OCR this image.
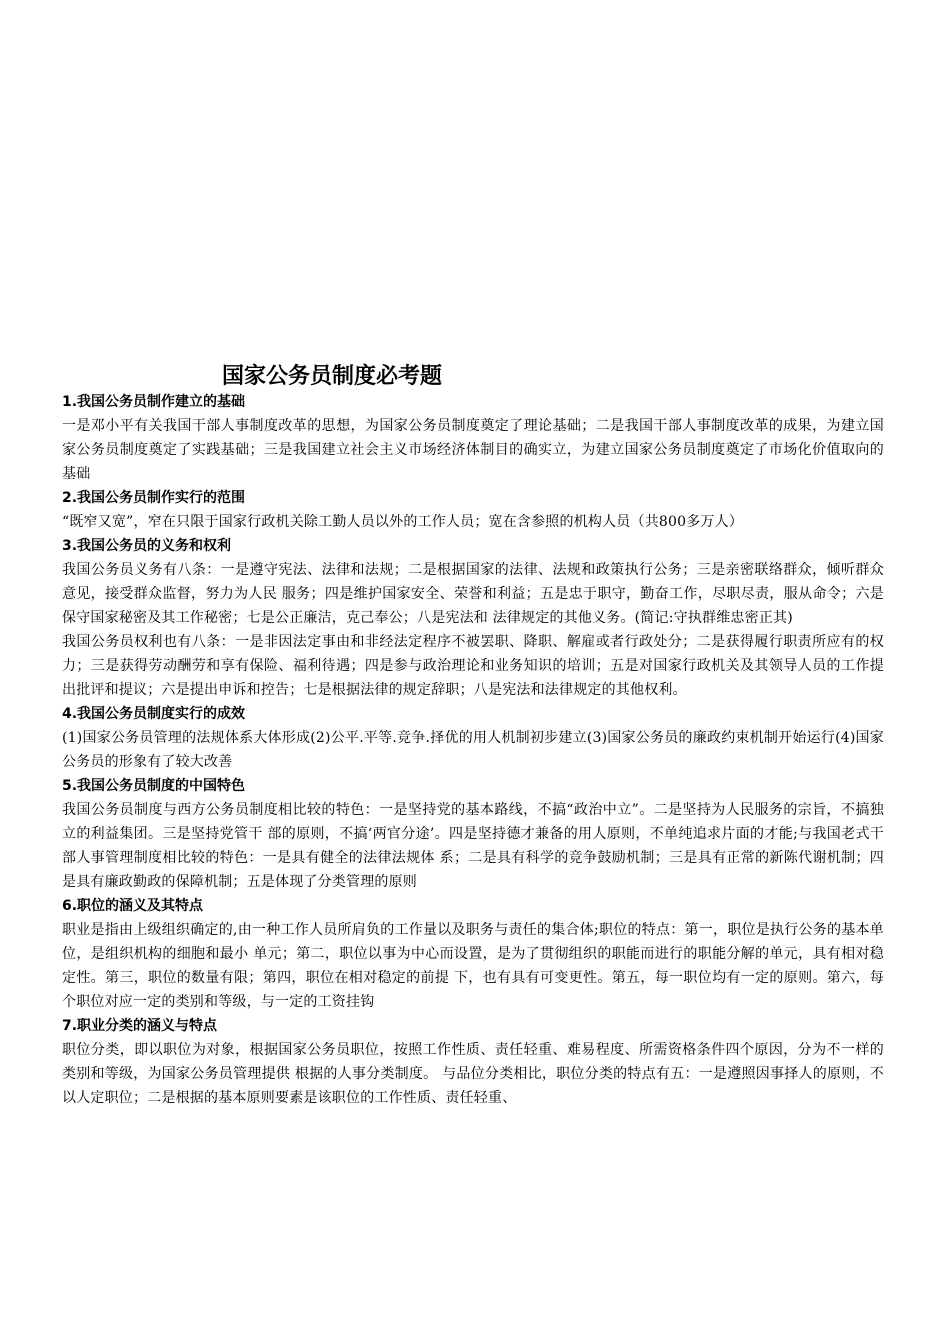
国家公务员制度必考题
1.我国公务员制作建立的基础

一是邓小平有关我国干部人事制度改革的思想，为国家公务员制度奠定了理论基础；二是我国干部人事制度改革的成果，为建立国家公务员制度奠定了实践基础；三是我国建立社会主义市场经济体制目的确实立，为建立国家公务员制度奠定了市场化价值取向的基础

2.我国公务员制作实行的范围

“既窄又宽”，窄在只限于国家行政机关除工勤人员以外的工作人员；宽在含参照的机构人员（共800多万人）

3.我国公务员的义务和权利

我国公务员义务有八条：一是遵守宪法、法律和法规；二是根据国家的法律、法规和政策执行公务；三是亲密联络群众，倾听群众意见，接受群众监督，努力为人民 服务；四是维护国家安全、荣誉和利益；五是忠于职守，勤奋工作，尽职尽责，服从命令；六是保守国家秘密及其工作秘密；七是公正廉洁，克己奉公；八是宪法和 法律规定的其他义务。(简记:守执群维忠密正其)

我国公务员权利也有八条：一是非因法定事由和非经法定程序不被罢职、降职、解雇或者行政处分；二是获得履行职责所应有的权力；三是获得劳动酬劳和享有保险、福利待遇；四是参与政治理论和业务知识的培训；五是对国家行政机关及其领导人员的工作提出批评和提议；六是提出申诉和控告；七是根据法律的规定辞职；八是宪法和法律规定的其他权利。

4.我国公务员制度实行的成效

(1)国家公务员管理的法规体系大体形成(2)公平.平等.竞争.择优的用人机制初步建立(3)国家公务员的廉政约束机制开始运行(4)国家公务员的形象有了较大改善

5.我国公务员制度的中国特色

我国公务员制度与西方公务员制度相比较的特色：一是坚持党的基本路线，不搞“政治中立”。二是坚持为人民服务的宗旨，不搞独立的利益集团。三是坚持党管干 部的原则，不搞‘两官分途’。四是坚持德才兼备的用人原则，不单纯追求片面的才能;与我国老式干部人事管理制度相比较的特色：一是具有健全的法律法规体 系；二是具有科学的竞争鼓励机制；三是具有正常的新陈代谢机制；四是具有廉政勤政的保障机制；五是体现了分类管理的原则

6.职位的涵义及其特点

职业是指由上级组织确定的,由一种工作人员所肩负的工作量以及职务与责任的集合体;职位的特点：第一，职位是执行公务的基本单位，是组织机构的细胞和最小 单元；第二，职位以事为中心而设置，是为了贯彻组织的职能而进行的职能分解的单元，具有相对稳定性。第三，职位的数量有限；第四，职位在相对稳定的前提 下，也有具有可变更性。第五，每一职位均有一定的原则。第六，每个职位对应一定的类别和等级，与一定的工资挂钩

7.职业分类的涵义与特点

职位分类，即以职位为对象，根据国家公务员职位，按照工作性质、责任轻重、难易程度、所需资格条件四个原因，分为不一样的类别和等级，为国家公务员管理提供 根据的人事分类制度。 与品位分类相比，职位分类的特点有五：一是遵照因事择人的原则，不以人定职位；二是根据的基本原则要素是该职位的工作性质、责任轻重、
